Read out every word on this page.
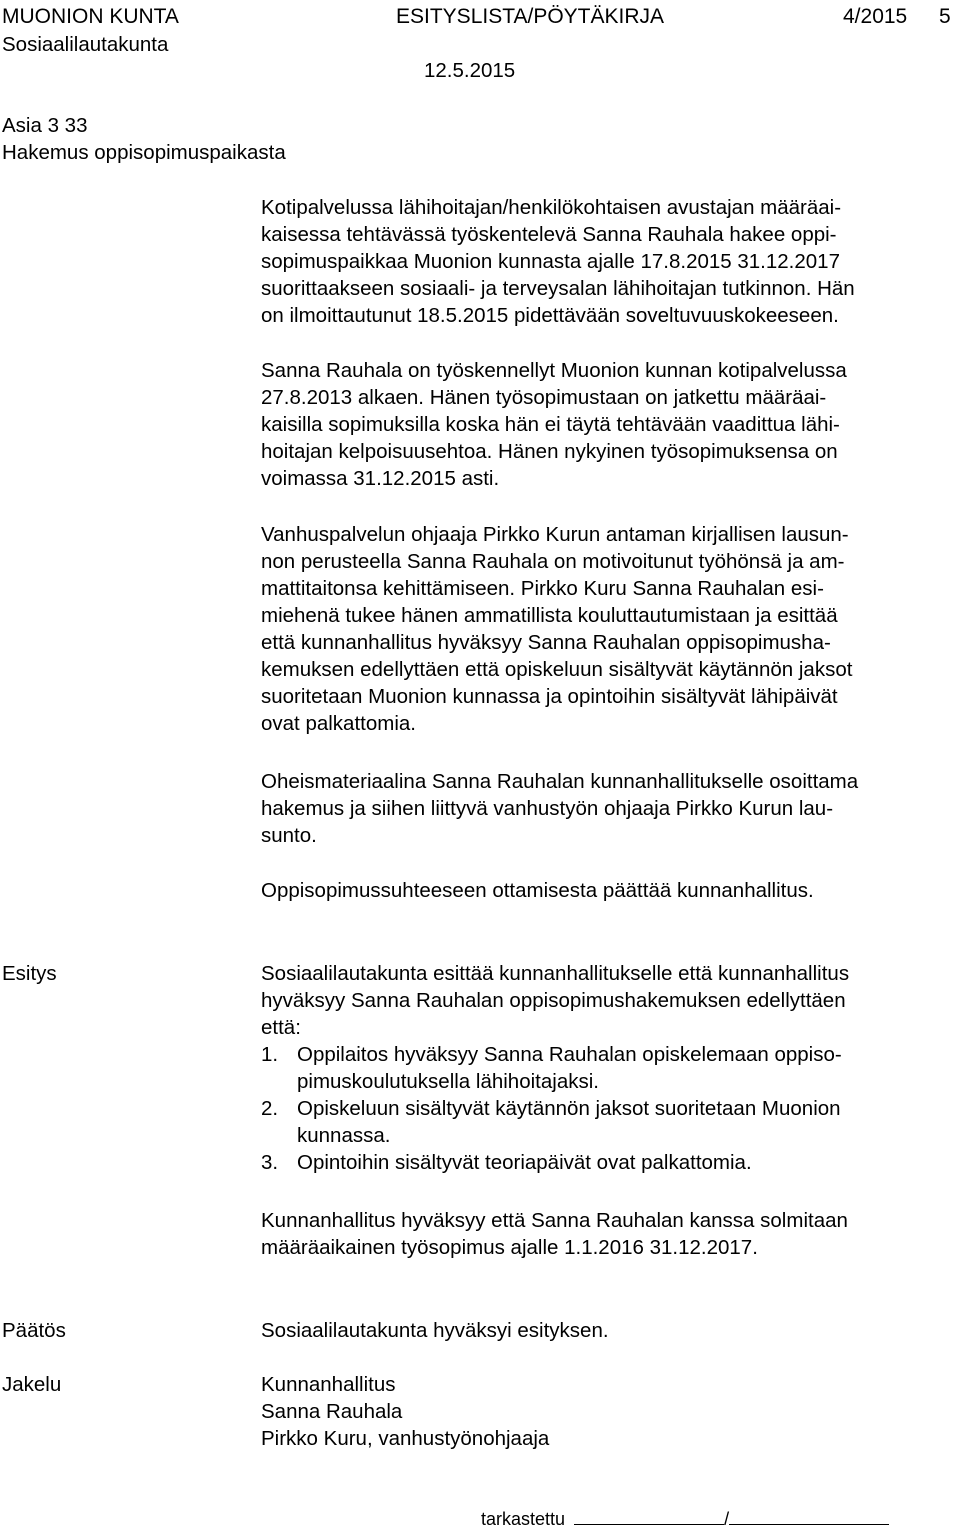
MUONION KUNTA	ESITYSLISTA/PÖYTÄKIRJA	4/2015 5
Sosiaalilautakunta
12.5.2015
Asia 3 33
Hakemus oppisopimuspaikasta
Kotipalvelussa lähihoitajan/henkilökohtaisen avustajan määräai-
kaisessa tehtävässä työskentelevä Sanna Rauhala hakee oppi-
sopimuspaikkaa Muonion kunnasta ajalle 17.8.2015 31.12.2017
suorittaakseen sosiaali- ja terveysalan lähihoitajan tutkinnon. Hän
on ilmoittautunut 18.5.2015 pidettävään soveltuvuuskokeeseen.
Sanna Rauhala on työskennellyt Muonion kunnan kotipalvelussa
27.8.2013 alkaen. Hänen työsopimustaan on jatkettu määräai-
kaisilla sopimuksilla koska hän ei täytä tehtävään vaadittua lähi-
hoitajan kelpoisuusehtoa. Hänen nykyinen työsopimuksensa on
voimassa 31.12.2015 asti.
Vanhuspalvelun ohjaaja Pirkko Kurun antaman kirjallisen lausun-
non perusteella Sanna Rauhala on motivoitunut työhönsä ja am-
mattitaitonsa kehittämiseen. Pirkko Kuru Sanna Rauhalan esi-
miehenä tukee hänen ammatillista kouluttautumistaan ja esittää
että kunnanhallitus hyväksyy Sanna Rauhalan oppisopimusha-
kemuksen edellyttäen että opiskeluun sisältyvät käytännön jaksot
suoritetaan Muonion kunnassa ja opintoihin sisältyvät lähipäivät
ovat palkattomia.
Oheismateriaalina Sanna Rauhalan kunnanhallitukselle osoittama
hakemus ja siihen liittyvä vanhustyön ohjaaja Pirkko Kurun lau-
sunto.
Oppisopimussuhteeseen ottamisesta päättää kunnanhallitus.
Esitys	Sosiaalilautakunta esittää kunnanhallitukselle että kunnanhallitus
hyväksyy Sanna Rauhalan oppisopimushakemuksen edellyttäen
että:
1. Oppilaitos hyväksyy Sanna Rauhalan opiskelemaan oppiso-
pimuskoulutuksella lähihoitajaksi.
2. Opiskeluun sisältyvät käytännön jaksot suoritetaan Muonion
kunnassa.
3. Opintoihin sisältyvät teoriapäivät ovat palkattomia.
Kunnanhallitus hyväksyy että Sanna Rauhalan kanssa solmitaan
määräaikainen työsopimus ajalle 1.1.2016 31.12.2017.
Päätös	Sosiaalilautakunta hyväksyi esityksen.
Jakelu	Kunnanhallitus
Sanna Rauhala
Pirkko Kuru, vanhustyönohjaaja
tarkastettu	/
